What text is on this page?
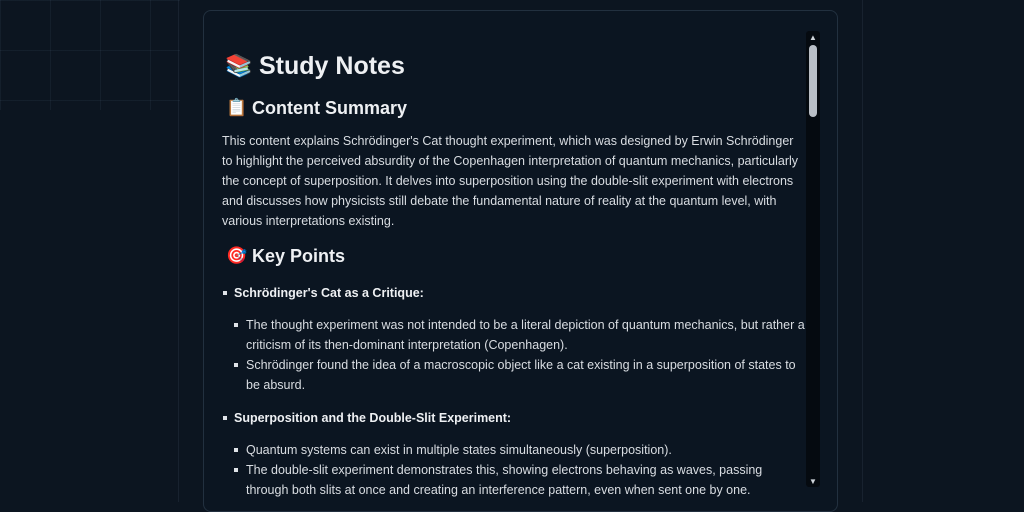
📚 Study Notes
📋 Content Summary

This content explains Schrödinger's Cat thought experiment, which was designed by Erwin Schrödinger to highlight the perceived absurdity of the Copenhagen interpretation of quantum mechanics, particularly the concept of superposition. It delves into superposition using the double-slit experiment with electrons and discusses how physicists still debate the fundamental nature of reality at the quantum level, with various interpretations existing.

🎯 Key Points
Schrödinger's Cat as a Critique:
The thought experiment was not intended to be a literal depiction of quantum mechanics, but rather a criticism of its then-dominant interpretation (Copenhagen).
Schrödinger found the idea of a macroscopic object like a cat existing in a superposition of states to be absurd.
Superposition and the Double-Slit Experiment:
Quantum systems can exist in multiple states simultaneously (superposition).
The double-slit experiment demonstrates this, showing electrons behaving as waves, passing through both slits at once and creating an interference pattern, even when sent one by one.
▲
▼
